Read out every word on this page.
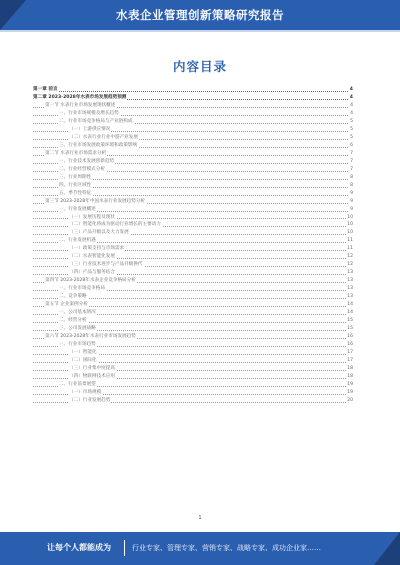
水表企业管理创新策略研究报告
内容目录
第一章 前言	4
第二章 2023-2028年水表市场发展趋势预测	4
第一节 水表行业市场发展现状概述	4
一、行业市场规模及增长趋势	4
二、行业市场竞争格局与产业链构成	5
（一）上游供应情况	5
（二）水表行业行业中游产业发展	5
三、行业市场发展政策环境和政策影响	6
第二节 水表行业市场需求分析	7
一、行业技术发展创新趋势	7
二、行业经营模式分析	7
三、行业周期性	8
四、行业区域性	8
五、季节性特征	9
第三节 2023-2028年中国水表行业发展趋势分析	9
一、行业发展概述	9
（一）发展历程及现状	10
（二）智能化将成为驱动行业增长的主要动力	10
（三）产品升级以及大力发展	10
二、行业发展机遇	11
（一）政策支持与市场需求	11
（二）水表智能化发展	12
（三）行业技术进步与产品升级换代	12
（四）产品与服务结合	13
第四节 2023-2028年水表企业竞争格局分析	13
一、行业市场竞争格局	13
二、竞争策略	13
第五节 企业案例分析	14
一、公司基本情况	14
二、经营分析	15
三、公司发展战略	15
第六节 2023-2028年水表行业市场发展趋势	16
一、行业市场趋势	16
（一）智能化	17
（二）国际化	17
（三）行业集中度提高	18
（四）物联网技术应用	18
二、行业前景展望	19
（一）市场规模	19
（二）行业发展趋势	20
1
让每个人都能成为	行业专家、管理专家、营销专家、战略专家、成功企业家……
